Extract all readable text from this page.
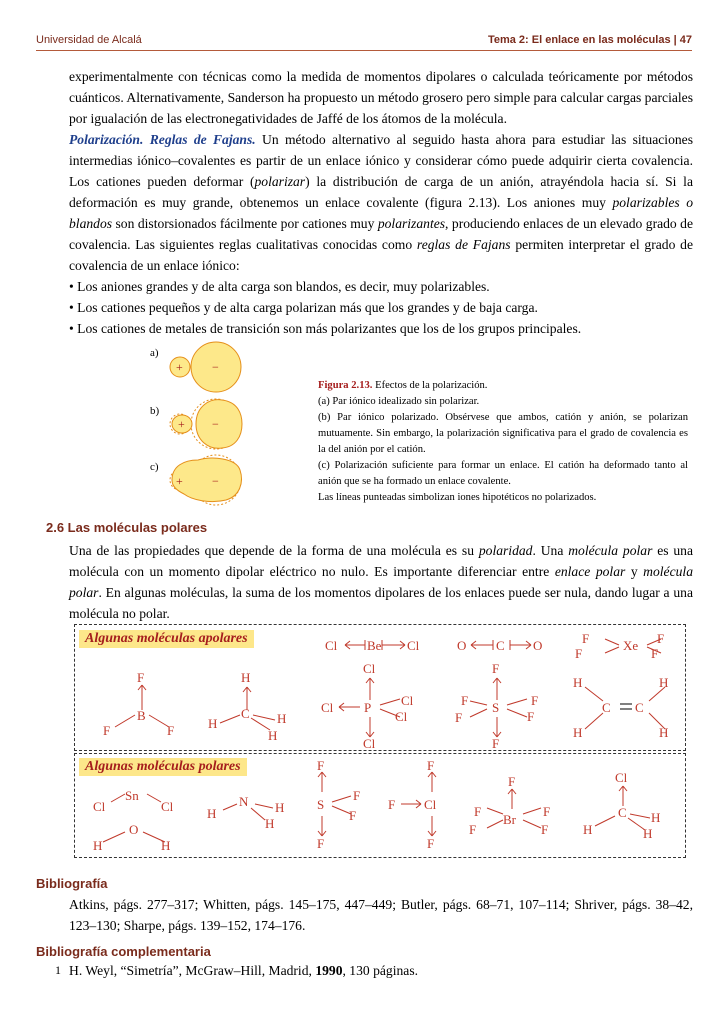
Universidad de Alcalá	Tema 2: El enlace en las moléculas | 47

experimentalmente con técnicas como la medida de momentos dipolares o calculada teóricamente por métodos cuánticos. Alternativamente, Sanderson ha propuesto un método grosero pero simple para calcular cargas parciales por igualación de las electronegatividades de Jaffé de los átomos de la molécula.

Polarización. Reglas de Fajans. Un método alternativo al seguido hasta ahora para estudiar las situaciones intermedias iónico–covalentes es partir de un enlace iónico y considerar cómo puede adquirir cierta covalencia. Los cationes pueden deformar (polarizar) la distribución de carga de un anión, atrayéndola hacia sí. Si la deformación es muy grande, obtenemos un enlace covalente (figura 2.13). Los aniones muy polarizables o blandos son distorsionados fácilmente por cationes muy polarizantes, produciendo enlaces de un elevado grado de covalencia. Las siguientes reglas cualitativas conocidas como reglas de Fajans permiten interpretar el grado de covalencia de un enlace iónico:

• Los aniones grandes y de alta carga son blandos, es decir, muy polarizables.

• Los cationes pequeños y de alta carga polarizan más que los grandes y de baja carga.

• Los cationes de metales de transición son más polarizantes que los de los grupos principales.

a)
+ −
b)
+ −
c)
+ −
Figura 2.13. Efectos de la polarización.
(a) Par iónico idealizado sin polarizar.
(b) Par iónico polarizado. Obsérvese que ambos, catión y anión, se polarizan mutuamente. Sin embargo, la polarización significativa para el grado de covalencia es la del anión por el catión.
(c) Polarización suficiente para formar un enlace. El catión ha deformado tanto al anión que se ha formado un enlace covalente.
Las líneas punteadas simbolizan iones hipotéticos no polarizados.
2.6 Las moléculas polares

Una de las propiedades que depende de la forma de una molécula es su polaridad. Una molécula polar es una molécula con un momento dipolar eléctrico no nulo. Es importante diferenciar entre enlace polar y molécula polar. En algunas moléculas, la suma de los momentos dipolares de los enlaces puede ser nula, dando lugar a una molécula no polar.

Algunas moléculas apolares	Cl Be Cl	O C O	F
F
Xe F
F
F
B
F	F
H
C
H	H
H
Cl
P
Cl	Cl
Cl
Cl
F
S
F
F
F
F
F
H
C C
H
H	H
Algunas moléculas polares
Sn
Cl	Cl
O
H	H
N
H	H
H
F
S
F
F
F
F
F Cl
F
F
Br
F
F
F
F
Cl
C
H
H
H
Bibliografía
Atkins, págs. 277–317; Whitten, págs. 145–175, 447–449; Butler, págs. 68–71, 107–114; Shriver, págs. 38–42, 123–130; Sharpe, págs. 139–152, 174–176.
Bibliografía complementaria
1 H. Weyl, “Simetría”, McGraw–Hill, Madrid, 1990, 130 páginas.
